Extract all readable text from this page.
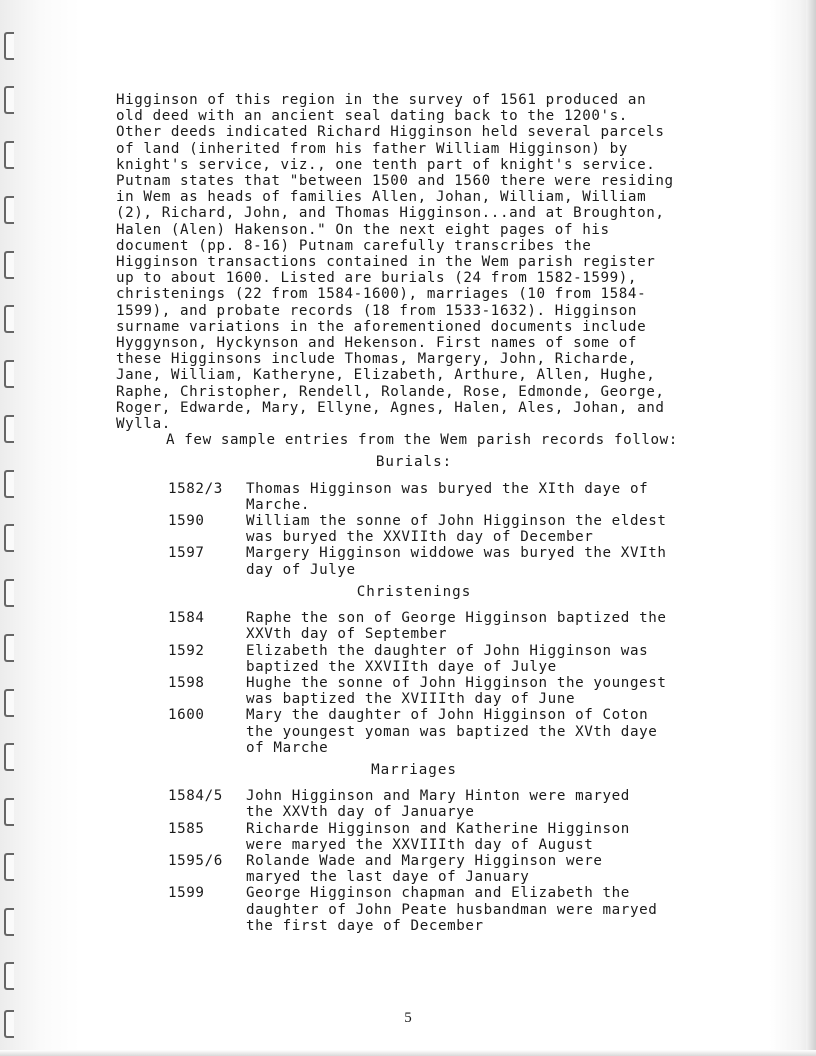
Higginson of this region in the survey of 1561 produced an
old deed with an ancient seal dating back to the 1200's.
Other deeds indicated Richard Higginson held several parcels
of land (inherited from his father William Higginson) by
knight's service, viz., one tenth part of knight's service.
Putnam states that "between 1500 and 1560 there were residing
in Wem as heads of families Allen, Johan, William, William
(2), Richard, John, and Thomas Higginson...and at Broughton,
Halen (Alen) Hakenson." On the next eight pages of his
document (pp. 8-16) Putnam carefully transcribes the
Higginson transactions contained in the Wem parish register
up to about 1600. Listed are burials (24 from 1582-1599),
christenings (22 from 1584-1600), marriages (10 from 1584-
1599), and probate records (18 from 1533-1632). Higginson
surname variations in the aforementioned documents include
Hyggynson, Hyckynson and Hekenson. First names of some of
these Higginsons include Thomas, Margery, John, Richarde,
Jane, William, Katheryne, Elizabeth, Arthure, Allen, Hughe,
Raphe, Christopher, Rendell, Rolande, Rose, Edmonde, George,
Roger, Edwarde, Mary, Ellyne, Agnes, Halen, Ales, Johan, and
Wylla.

A few sample entries from the Wem parish records follow:

Burials:
1582/3	Thomas Higginson was buryed the XIth daye of
Marche.
1590	William the sonne of John Higginson the eldest
was buryed the XXVIIth day of December
1597	Margery Higginson widdowe was buryed the XVIth
day of Julye
Christenings
1584	Raphe the son of George Higginson baptized the
XXVth day of September
1592	Elizabeth the daughter of John Higginson was
baptized the XXVIIth daye of Julye
1598	Hughe the sonne of John Higginson the youngest
was baptized the XVIIIth day of June
1600	Mary the daughter of John Higginson of Coton
the youngest yoman was baptized the XVth daye
of Marche
Marriages
1584/5	John Higginson and Mary Hinton were maryed
the XXVth day of Januarye
1585	Richarde Higginson and Katherine Higginson
were maryed the XXVIIIth day of August
1595/6	Rolande Wade and Margery Higginson were
maryed the last daye of January
1599	George Higginson chapman and Elizabeth the
daughter of John Peate husbandman were maryed
the first daye of December
5
